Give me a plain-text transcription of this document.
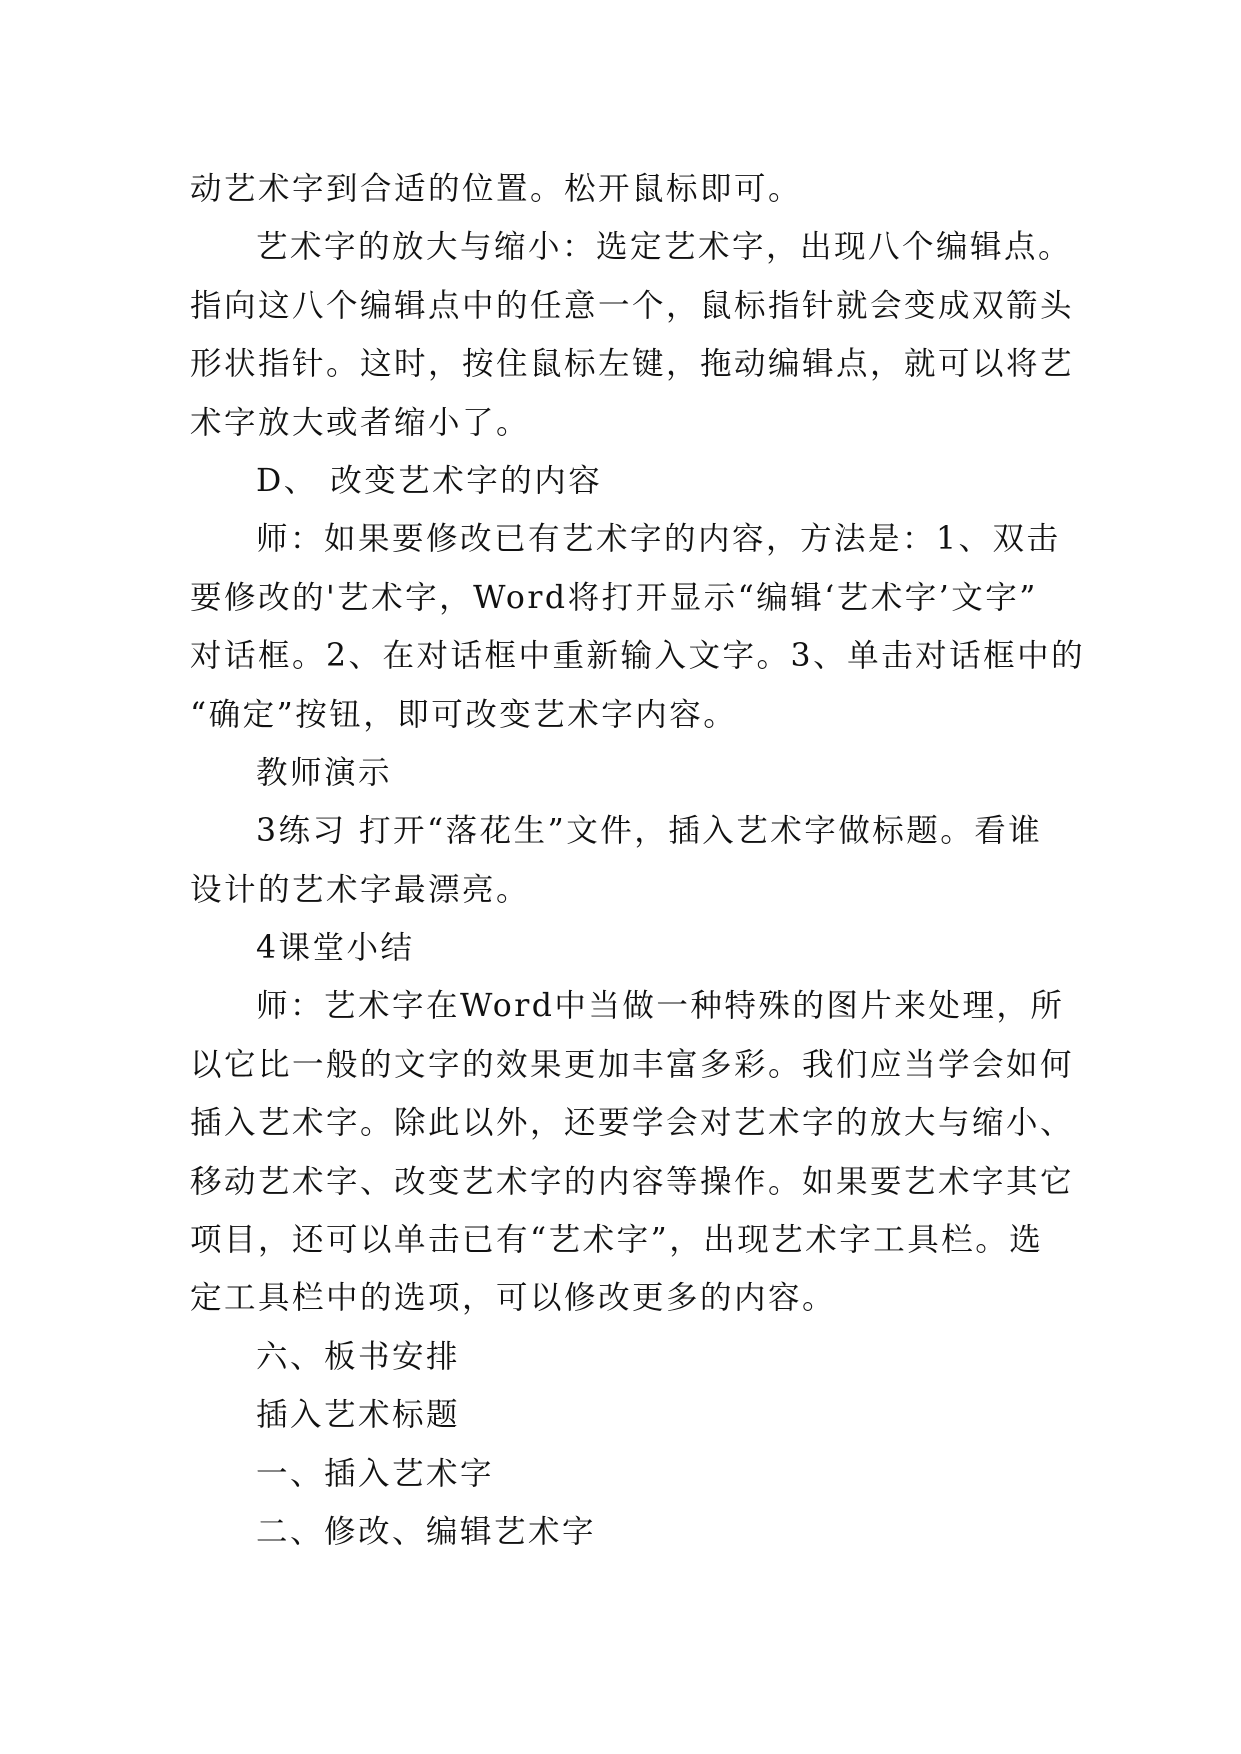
动艺术字到合适的位置。松开鼠标即可。
艺术字的放大与缩小：选定艺术字，出现八个编辑点。
指向这八个编辑点中的任意一个，鼠标指针就会变成双箭头
形状指针。这时，按住鼠标左键，拖动编辑点，就可以将艺
术字放大或者缩小了。
D、 改变艺术字的内容
师：如果要修改已有艺术字的内容，方法是：1、双击
要修改的'艺术字，Word将打开显示“编辑‘艺术字’文字”
对话框。2、在对话框中重新输入文字。3、单击对话框中的
“确定”按钮，即可改变艺术字内容。
教师演示
3练习 打开“落花生”文件，插入艺术字做标题。看谁
设计的艺术字最漂亮。
4课堂小结
师：艺术字在Word中当做一种特殊的图片来处理，所
以它比一般的文字的效果更加丰富多彩。我们应当学会如何
插入艺术字。除此以外，还要学会对艺术字的放大与缩小、
移动艺术字、改变艺术字的内容等操作。如果要艺术字其它
项目，还可以单击已有“艺术字”，出现艺术字工具栏。选
定工具栏中的选项，可以修改更多的内容。
六、板书安排
插入艺术标题
一、插入艺术字
二、修改、编辑艺术字
